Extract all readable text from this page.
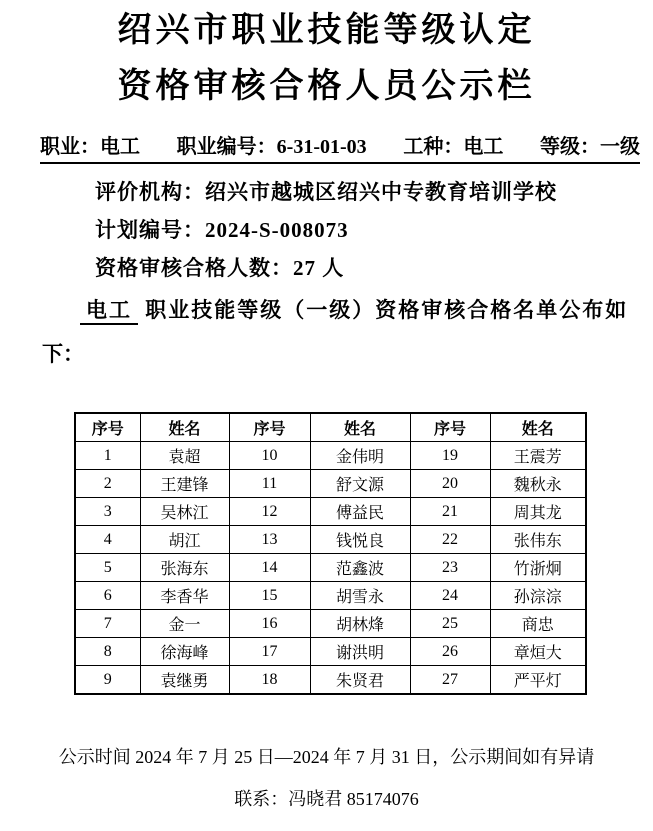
绍兴市职业技能等级认定
资格审核合格人员公示栏
职业：电工 职业编号：6-31-01-03 工种：电工 等级：一级

评价机构：绍兴市越城区绍兴中专教育培训学校

计划编号：2024-S-008073

资格审核合格人数：27 人

电工 职业技能等级（一级）资格审核合格名单公布如

下：

序号	姓名	序号	姓名	序号	姓名
1	袁超	10	金伟明	19	王震芳
2	王建锋	11	舒文源	20	魏秋永
3	吴林江	12	傅益民	21	周其龙
4	胡江	13	钱悦良	22	张伟东
5	张海东	14	范鑫波	23	竹浙炯
6	李香华	15	胡雪永	24	孙淙淙
7	金一	16	胡林烽	25	商忠
8	徐海峰	17	谢洪明	26	章烜大
9	袁继勇	18	朱贤君	27	严平灯

公示时间 2024 年 7 月 25 日—2024 年 7 月 31 日，公示期间如有异请

联系：冯晓君 85174076
